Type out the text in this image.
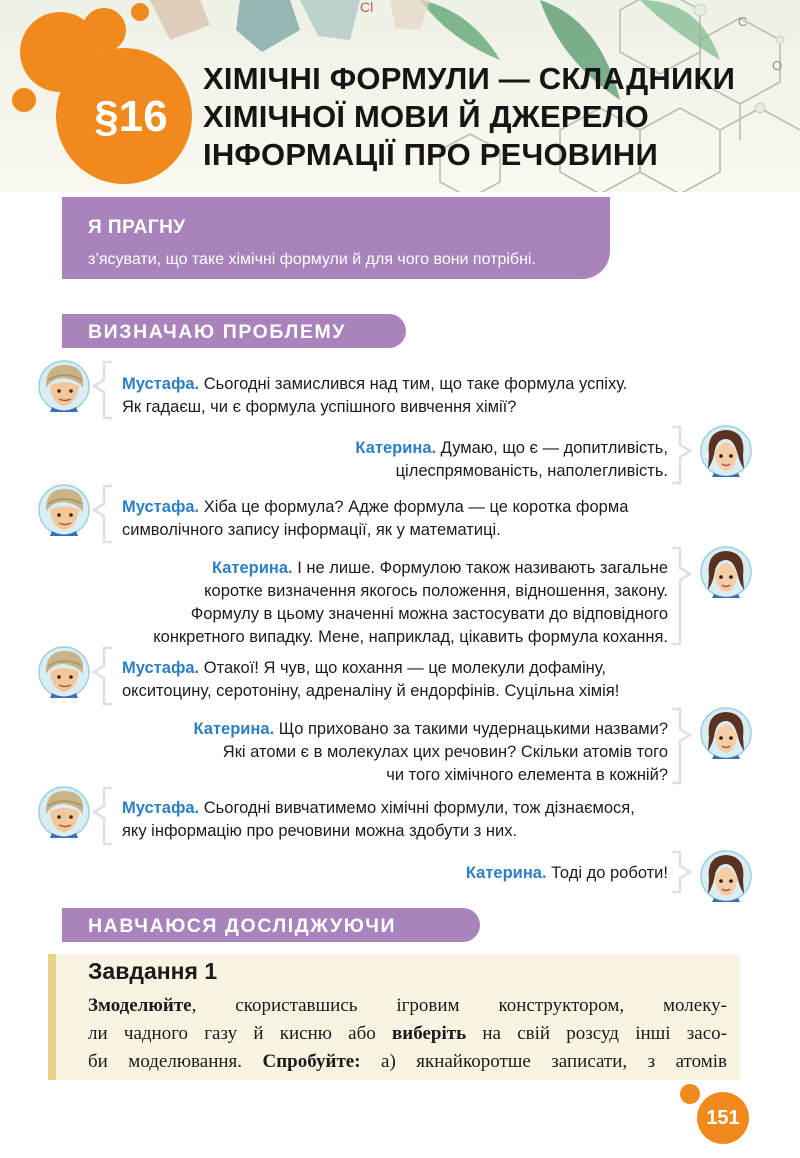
Cl
C
O
§16
ХІМІЧНІ ФОРМУЛИ — СКЛАДНИКИ
ХІМІЧНОЇ МОВИ Й ДЖЕРЕЛО
ІНФОРМАЦІЇ ПРО РЕЧОВИНИ
Я ПРАГНУ
з’ясувати, що таке хімічні формули й для чого вони потрібні.
ВИЗНАЧАЮ ПРОБЛЕМУ
Мустафа. Сьогодні замислився над тим, що таке формула успіху.
Як гадаєш, чи є формула успішного вивчення хімії?
Катерина. Думаю, що є — допитливість,
цілеспрямованість, наполегливість.
Мустафа. Хіба це формула? Адже формула — це коротка форма
символічного запису інформації, як у математиці.
Катерина. І не лише. Формулою також називають загальне
коротке визначення якогось положення, відношення, закону.
Формулу в цьому значенні можна застосувати до відповідного
конкретного випадку. Мене, наприклад, цікавить формула кохання.
Мустафа. Отакої! Я чув, що кохання — це молекули дофаміну,
окситоцину, серотоніну, адреналіну й ендорфінів. Суцільна хімія!
Катерина. Що приховано за такими чудернацькими назвами?
Які атоми є в молекулах цих речовин? Скільки атомів того
чи того хімічного елемента в кожній?
Мустафа. Сьогодні вивчатимемо хімічні формули, тож дізнаємося,
яку інформацію про речовини можна здобути з них.
Катерина. Тоді до роботи!
НАВЧАЮСЯ ДОСЛІДЖУЮЧИ
Завдання 1
Змоделюйте, скориставшись ігровим конструктором, молеку-
ли чадного газу й кисню або виберіть на свій розсуд інші засо-
би моделювання. Спробуйте: а) якнайкоротше записати, з атомів
151
